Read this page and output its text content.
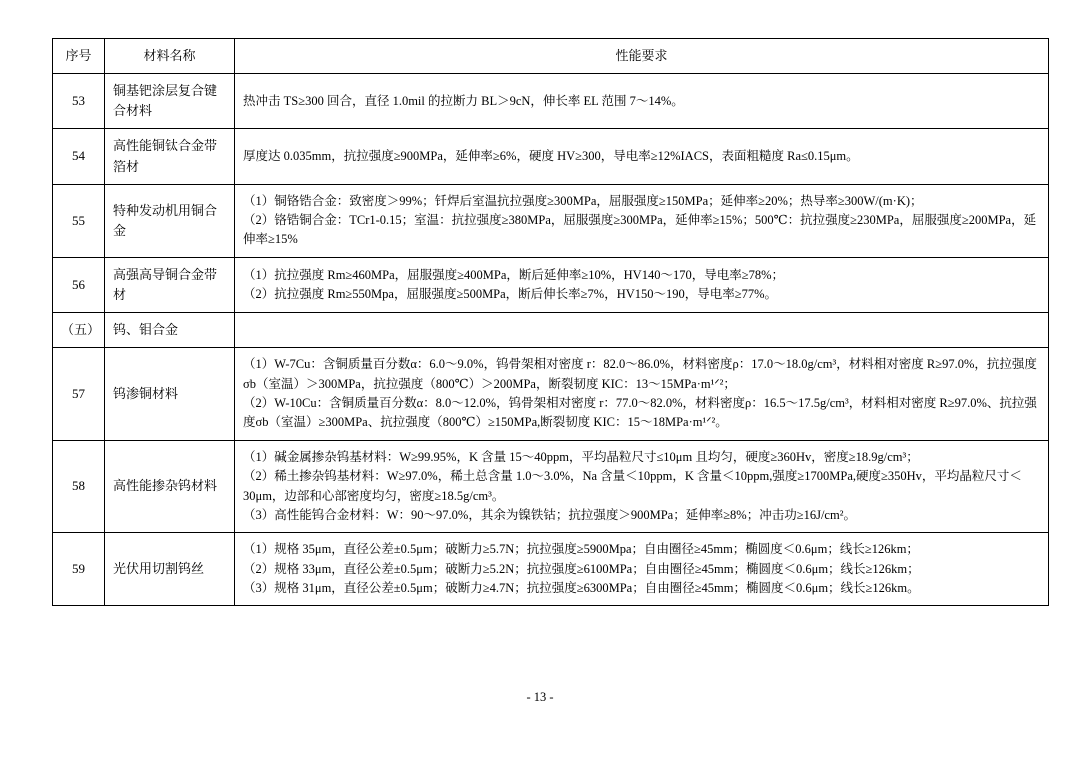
序号	材料名称	性能要求
53	铜基钯涂层复合键合材料	热冲击 TS≥300 回合，直径 1.0mil 的拉断力 BL＞9cN，伸长率 EL 范围 7～14%。

54	高性能铜钛合金带箔材	厚度达 0.035mm，抗拉强度≥900MPa，延伸率≥6%，硬度 HV≥300，导电率≥12%IACS，表面粗糙度 Ra≤0.15μm。

55	特种发动机用铜合金	（1）铜铬锆合金：致密度＞99%；钎焊后室温抗拉强度≥300MPa，屈服强度≥150MPa；延伸率≥20%；热导率≥300W/(m·K)；

（2）铬锆铜合金：TCr1-0.15；室温：抗拉强度≥380MPa，屈服强度≥300MPa，延伸率≥15%；500℃：抗拉强度≥230MPa，屈服强度≥200MPa，延伸率≥15%

56	高强高导铜合金带材	（1）抗拉强度 Rm≥460MPa，屈服强度≥400MPa，断后延伸率≥10%，HV140～170，导电率≥78%；

（2）抗拉强度 Rm≥550Mpa，屈服强度≥500MPa，断后伸长率≥7%，HV150～190，导电率≥77%。

（五）	钨、钼合金	
57	钨渗铜材料	（1）W-7Cu：含铜质量百分数α：6.0～9.0%，钨骨架相对密度 r：82.0～86.0%，材料密度ρ：17.0～18.0g/cm³，材料相对密度 R≥97.0%，抗拉强度σb（室温）＞300MPa，抗拉强度（800℃）＞200MPa，断裂韧度 KIC：13～15MPa·m¹ᐟ²；

（2）W-10Cu：含铜质量百分数α：8.0～12.0%，钨骨架相对密度 r：77.0～82.0%，材料密度ρ：16.5～17.5g/cm³，材料相对密度 R≥97.0%、抗拉强度σb（室温）≥300MPa、抗拉强度（800℃）≥150MPa,断裂韧度 KIC：15～18MPa·m¹ᐟ²。

58	高性能掺杂钨材料	（1）碱金属掺杂钨基材料：W≥99.95%，K 含量 15～40ppm，平均晶粒尺寸≤10μm 且均匀，硬度≥360Hv，密度≥18.9g/cm³；

（2）稀土掺杂钨基材料：W≥97.0%，稀土总含量 1.0～3.0%，Na 含量＜10ppm，K 含量＜10ppm,强度≥1700MPa,硬度≥350Hv，平均晶粒尺寸＜30μm，边部和心部密度均匀，密度≥18.5g/cm³。

（3）高性能钨合金材料：W：90～97.0%，其余为镍铁钴；抗拉强度＞900MPa；延伸率≥8%；冲击功≥16J/cm²。

59	光伏用切割钨丝	（1）规格 35μm，直径公差±0.5μm；破断力≥5.7N；抗拉强度≥5900Mpa；自由圈径≥45mm；椭圆度＜0.6μm；线长≥126km；

（2）规格 33μm，直径公差±0.5μm；破断力≥5.2N；抗拉强度≥6100MPa；自由圈径≥45mm；椭圆度＜0.6μm；线长≥126km；

（3）规格 31μm，直径公差±0.5μm；破断力≥4.7N；抗拉强度≥6300MPa；自由圈径≥45mm；椭圆度＜0.6μm；线长≥126km。

- 13 -
